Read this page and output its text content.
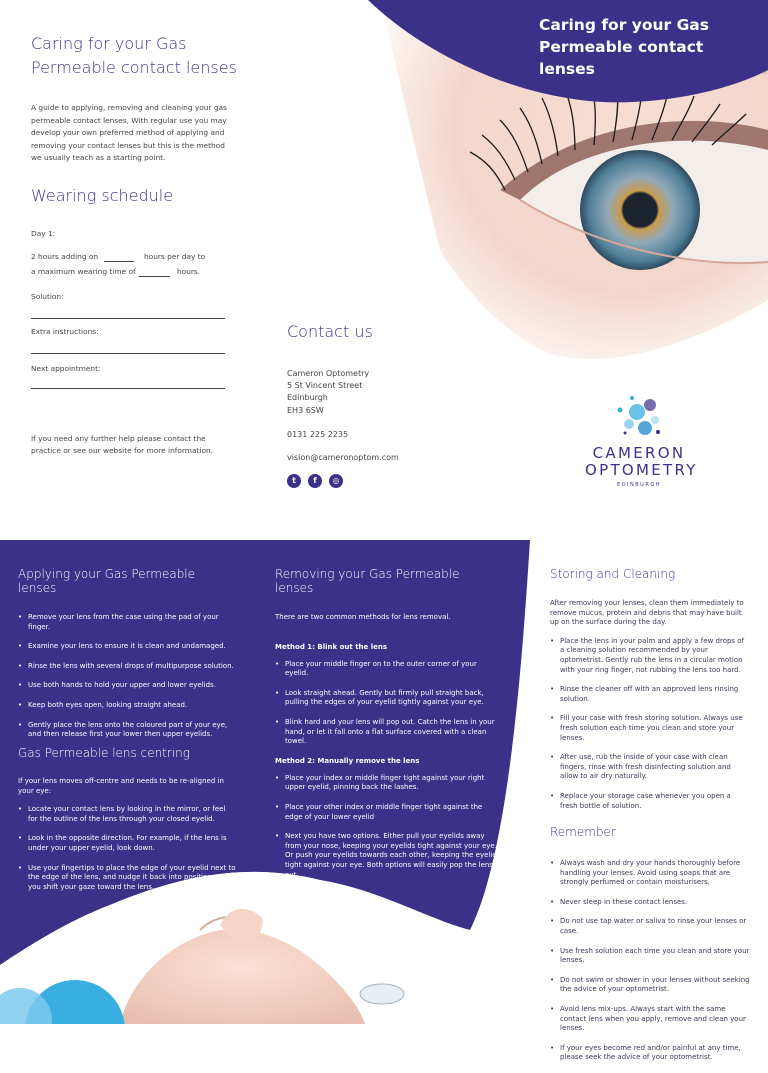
Caring for your Gas Permeable contact lenses
A guide to applying, removing and cleaning your gas permeable contact lenses, With regular use you may develop your own preferred method of applying and removing your contact lenses but this is the method we usually teach as a starting point.
Wearing schedule
Day 1:
2 hours adding on	hours per day to
a maximum wearing time of	hours.
Solution:
Extra instructions:
Next appointment:
If you need any further help please contact the practice or see our website for more information.
Contact us
Cameron Optometry
5 St Vincent Street
Edinburgh
EH3 6SW
0131 225 2235
vision@cameronoptom.com
t	f	◎
Caring for your Gas Permeable contact lenses
CAMERON
OPTOMETRY
EDINBURGH
Applying your Gas Permeable lenses
• Remove your lens from the case using the pad of your finger.
• Examine your lens to ensure it is clean and undamaged.
• Rinse the lens with several drops of multipurpose solution.
• Use both hands to hold your upper and lower eyelids.
• Keep both eyes open, looking straight ahead.
• Gently place the lens onto the coloured part of your eye, and then release first your lower then upper eyelids.
Gas Permeable lens centring
If your lens moves off-centre and needs to be re-aligned in your eye:
• Locate your contact lens by looking in the mirror, or feel for the outline of the lens through your closed eyelid.
• Look in the opposite direction. For example, if the lens is under your upper eyelid, look down.
• Use your fingertips to place the edge of your eyelid next to the edge of the lens, and nudge it back into position as you shift your gaze toward the lens.
Removing your Gas Permeable lenses
There are two common methods for lens removal.
Method 1: Blink out the lens
• Place your middle finger on to the outer corner of your eyelid.
• Look straight ahead. Gently but firmly pull straight back, pulling the edges of your eyelid tightly against your eye.
• Blink hard and your lens will pop out. Catch the lens in your hand, or let it fall onto a flat surface covered with a clean towel.
Method 2: Manually remove the lens
• Place your index or middle finger tight against your right upper eyelid, pinning back the lashes.
• Place your other index or middle finger tight against the edge of your lower eyelid
• Next you have two options. Either pull your eyelids away from your nose, keeping your eyelids tight against your eye. Or push your eyelids towards each other, keeping the eyelids tight against your eye. Both options will easily pop the lens out.
Storing and Cleaning
After removing your lenses, clean them immediately to remove mucus, protein and debris that may have built up on the surface during the day.
• Place the lens in your palm and apply a few drops of a cleaning solution recommended by your optometrist. Gently rub the lens in a circular motion with your ring finger, not rubbing the lens too hard.
• Rinse the cleaner off with an approved lens rinsing solution.
• Fill your case with fresh storing solution. Always use fresh solution each time you clean and store your lenses.
• After use, rub the inside of your case with clean fingers, rinse with fresh disinfecting solution and allow to air dry naturally.
• Replace your storage case whenever you open a fresh bottle of solution.
Remember
• Always wash and dry your hands thoroughly before handling your lenses. Avoid using soaps that are strongly perfumed or contain moisturisers.
• Never sleep in these contact lenses.
• Do not use tap water or saliva to rinse your lenses or case.
• Use fresh solution each time you clean and store your lenses.
• Do not swim or shower in your lenses without seeking the advice of your optometrist.
• Avoid lens mix-ups. Always start with the same contact lens when you apply, remove and clean your lenses.
• If your eyes become red and/or painful at any time, please seek the advice of your optometrist.
